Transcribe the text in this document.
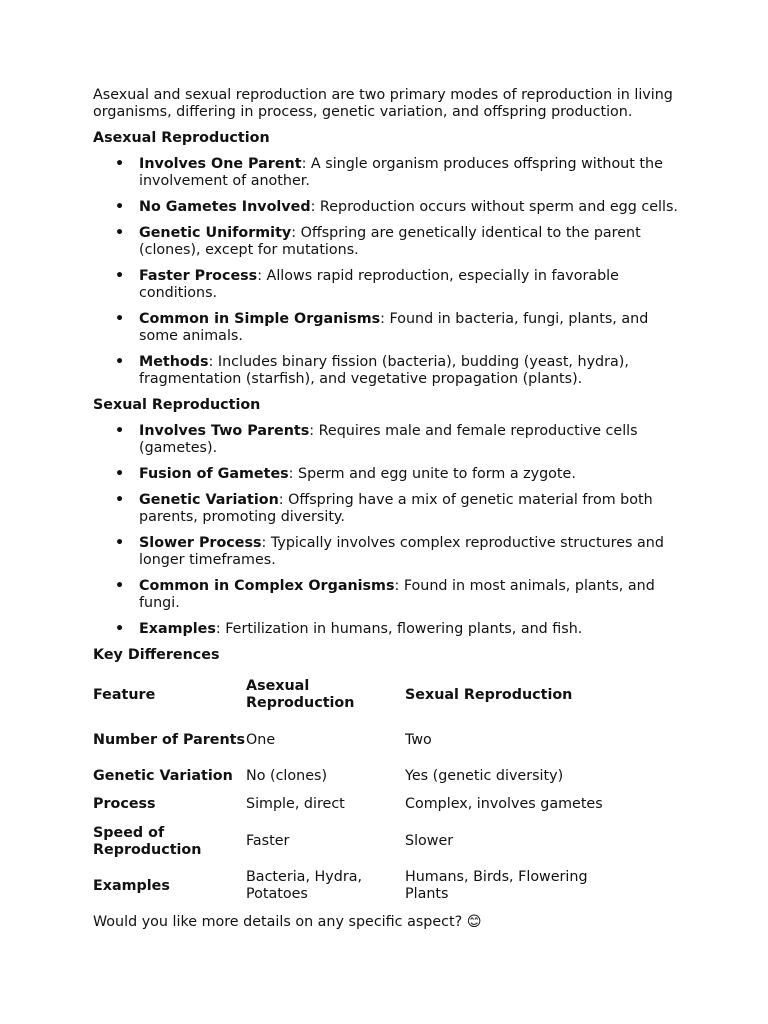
Asexual and sexual reproduction are two primary modes of reproduction in living organisms, differing in process, genetic variation, and offspring production.

Asexual Reproduction

• Involves One Parent: A single organism produces offspring without the involvement of another.
• No Gametes Involved: Reproduction occurs without sperm and egg cells.
• Genetic Uniformity: Offspring are genetically identical to the parent (clones), except for mutations.
• Faster Process: Allows rapid reproduction, especially in favorable conditions.
• Common in Simple Organisms: Found in bacteria, fungi, plants, and some animals.
• Methods: Includes binary fission (bacteria), budding (yeast, hydra), fragmentation (starfish), and vegetative propagation (plants).

Sexual Reproduction

• Involves Two Parents: Requires male and female reproductive cells (gametes).
• Fusion of Gametes: Sperm and egg unite to form a zygote.
• Genetic Variation: Offspring have a mix of genetic material from both parents, promoting diversity.
• Slower Process: Typically involves complex reproductive structures and longer timeframes.
• Common in Complex Organisms: Found in most animals, plants, and fungi.
• Examples: Fertilization in humans, flowering plants, and fish.

Key Differences

Feature	Asexual Reproduction	Sexual Reproduction
Number of Parents	One	Two
Genetic Variation	No (clones)	Yes (genetic diversity)
Process	Simple, direct	Complex, involves gametes
Speed of Reproduction	Faster	Slower
Examples	Bacteria, Hydra, Potatoes	Humans, Birds, Flowering Plants

Would you like more details on any specific aspect? 😊
